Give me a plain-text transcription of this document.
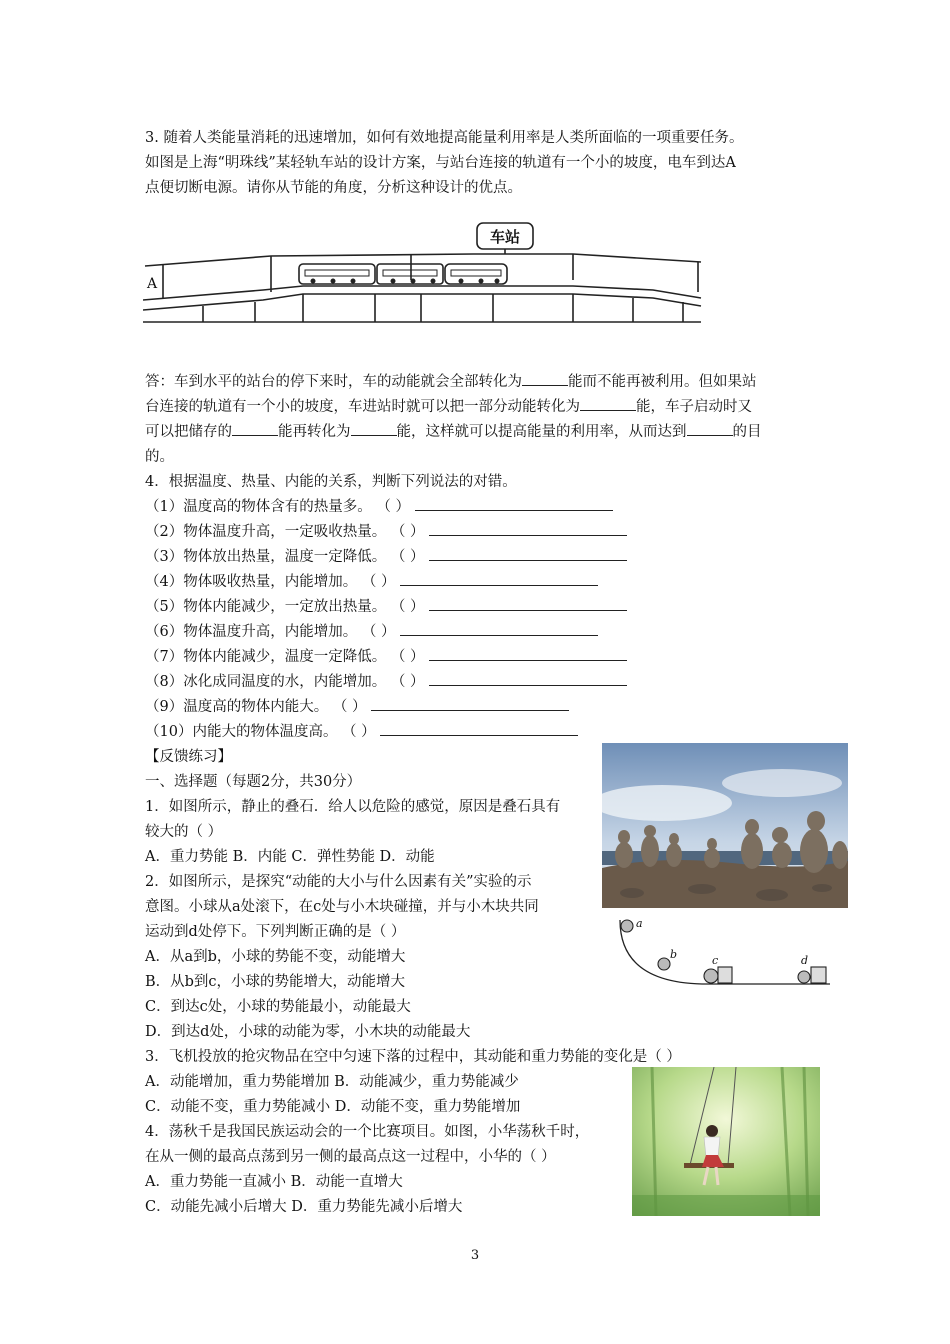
3. 随着人类能量消耗的迅速增加，如何有效地提高能量利用率是人类所面临的一项重要任务。
如图是上海“明珠线”某轻轨车站的设计方案，与站台连接的轨道有一个小的坡度，电车到达A
点便切断电源。请你从节能的角度，分析这种设计的优点。
车站
A
答：车到水平的站台的停下来时，车的动能就会全部转化为	能而不能再被利用。但如果站
台连接的轨道有一个小的坡度，车进站时就可以把一部分动能转化为	能，车子启动时又
可以把储存的	能再转化为	能，这样就可以提高能量的利用率，从而达到	的目
的。
4．根据温度、热量、内能的关系，判断下列说法的对错。
（1）温度高的物体含有的热量多。 （ ）
（2）物体温度升高，一定吸收热量。 （ ）
（3）物体放出热量，温度一定降低。 （ ）
（4）物体吸收热量，内能增加。 （ ）
（5）物体内能减少，一定放出热量。 （ ）
（6）物体温度升高，内能增加。 （ ）
（7）物体内能减少，温度一定降低。 （ ）
（8）冰化成同温度的水，内能增加。 （ ）
（9）温度高的物体内能大。 （ ）
（10）内能大的物体温度高。 （ ）
【反馈练习】
一、选择题（每题2分，共30分）
1．如图所示，静止的叠石．给人以危险的感觉，原因是叠石具有
较大的（ ）
A．重力势能 B．内能 C．弹性势能 D．动能
2．如图所示，是探究“动能的大小与什么因素有关”实验的示
意图。小球从a处滚下，在c处与小木块碰撞，并与小木块共同
运动到d处停下。下列判断正确的是（ ）
A．从a到b，小球的势能不变，动能增大
B．从b到c，小球的势能增大，动能增大
C．到达c处，小球的势能最小，动能最大
D．到达d处，小球的动能为零，小木块的动能最大
a
b	c	d
3．飞机投放的抢灾物品在空中匀速下落的过程中，其动能和重力势能的变化是（ ）
A．动能增加，重力势能增加 B．动能减少，重力势能减少
C．动能不变，重力势能减小 D．动能不变，重力势能增加
4．荡秋千是我国民族运动会的一个比赛项目。如图，小华荡秋千时，
在从一侧的最高点荡到另一侧的最高点这一过程中，小华的（ ）
A．重力势能一直减小 B．动能一直增大
C．动能先减小后增大 D．重力势能先减小后增大
3
